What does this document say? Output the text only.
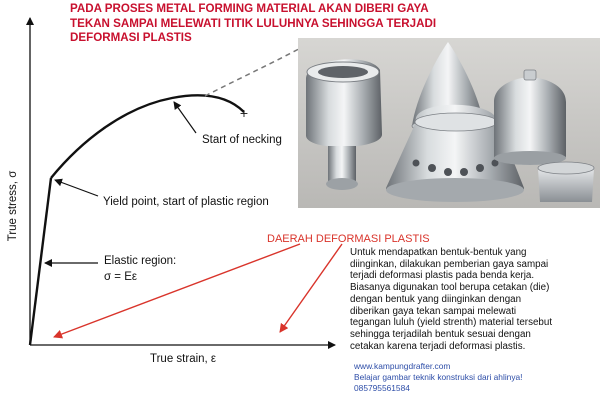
PADA PROSES METAL FORMING MATERIAL AKAN DIBERI GAYA
TEKAN SAMPAI MELEWATI TITIK LULUHNYA SEHINGGA TERJADI
DEFORMASI PLASTIS

True stress, σ
True strain, ε
+
Start of necking
Yield point, start of plastic region
Elastic region:
σ = Eε
DAERAH DEFORMASI PLASTIS

Untuk mendapatkan bentuk-bentuk yang
diinginkan, dilakukan pemberian gaya sampai
terjadi deformasi plastis pada benda kerja.
Biasanya digunakan tool berupa cetakan (die)
dengan bentuk yang diinginkan dengan
diberikan gaya tekan sampai melewati
tegangan luluh (yield strenth) material tersebut
sehingga terjadilah bentuk sesuai dengan
cetakan karena terjadi deformasi plastis.

www.kampungdrafter.com
Belajar gambar teknik konstruksi dari ahlinya!
085795561584
